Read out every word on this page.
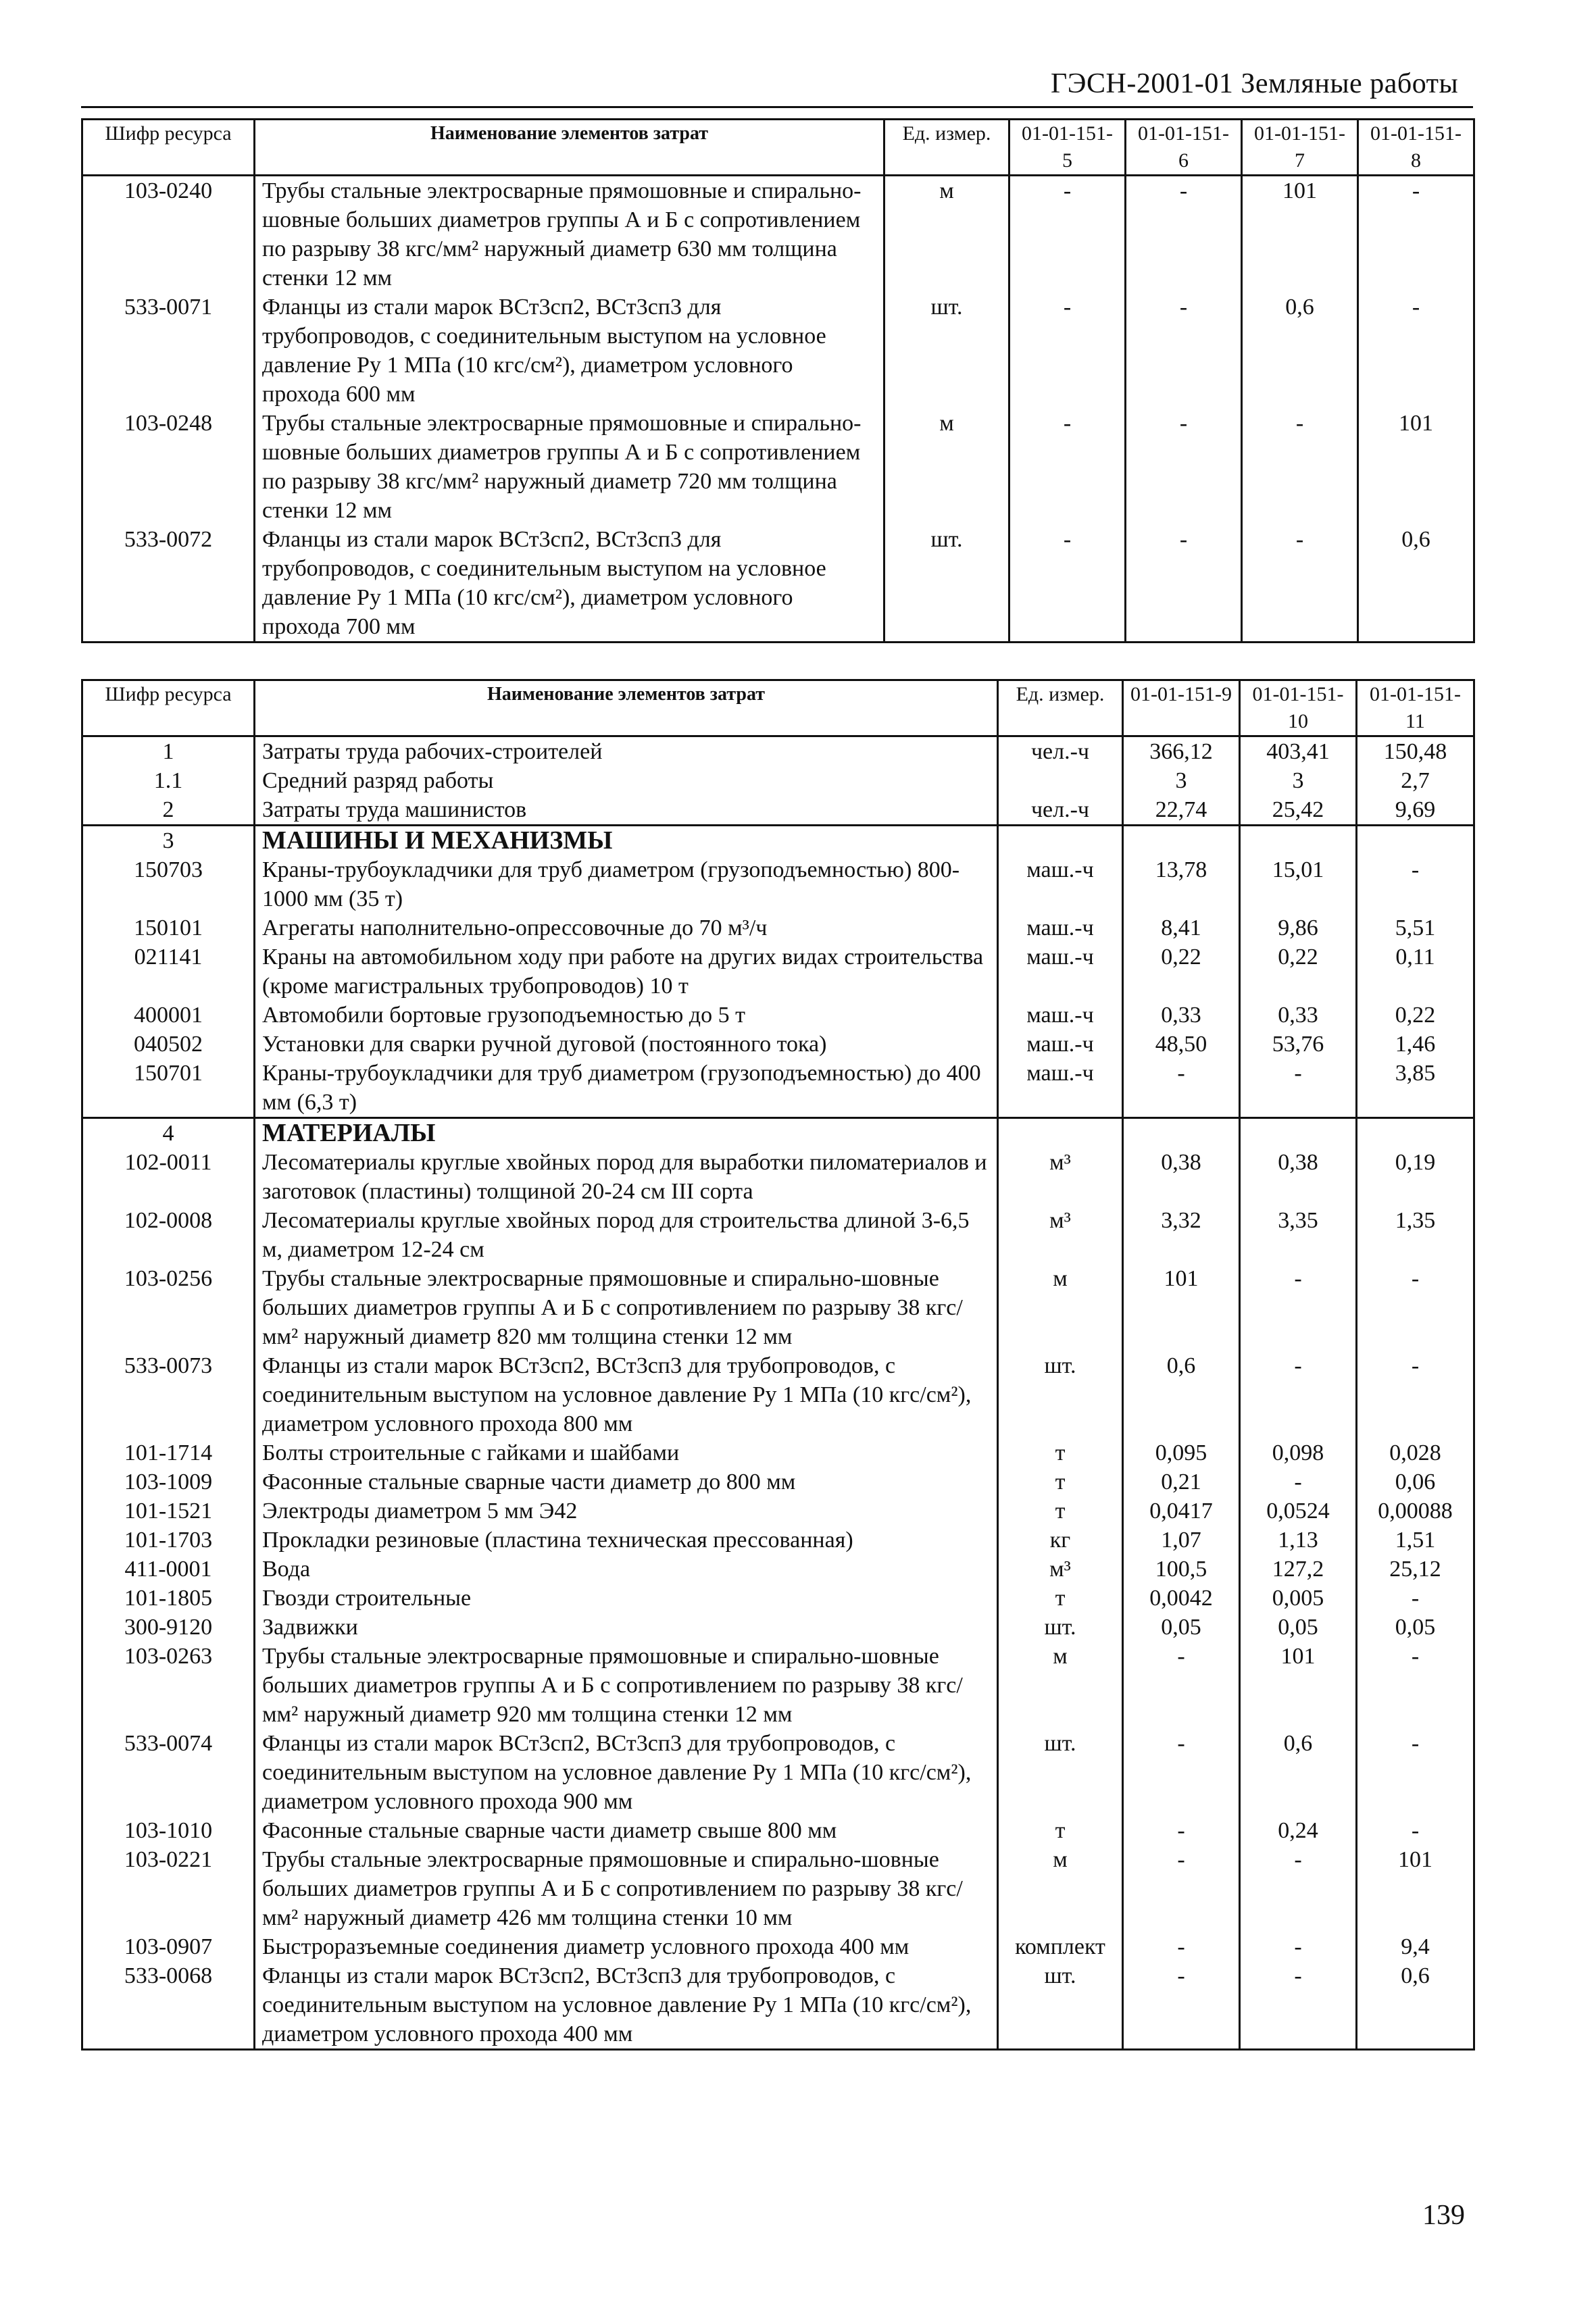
ГЭСН-2001-01 Земляные работы
Шифр ресурса	Наименование элементов затрат	Ед. измер.	01-01-151-5	01-01-151-6	01-01-151-7	01-01-151-8
103-0240	Трубы стальные электросварные прямошовные и спирально-шовные больших диаметров группы А и Б с сопротивлением по разрыву 38 кгс/мм² наружный диаметр 630 мм толщина стенки 12 мм	м	-	-	101	-
533-0071	Фланцы из стали марок ВСт3сп2, ВСт3сп3 для трубопроводов, с соединительным выступом на условное давление Ру 1 МПа (10 кгс/см²), диаметром условного прохода 600 мм	шт.	-	-	0,6	-
103-0248	Трубы стальные электросварные прямошовные и спирально-шовные больших диаметров группы А и Б с сопротивлением по разрыву 38 кгс/мм² наружный диаметр 720 мм толщина стенки 12 мм	м	-	-	-	101
533-0072	Фланцы из стали марок ВСт3сп2, ВСт3сп3 для трубопроводов, с соединительным выступом на условное давление Ру 1 МПа (10 кгс/см²), диаметром условного прохода 700 мм	шт.	-	-	-	0,6
Шифр ресурса	Наименование элементов затрат	Ед. измер.	01-01-151-9	01-01-151-10	01-01-151-11
1	Затраты труда рабочих-строителей	чел.-ч	366,12	403,41	150,48
1.1	Средний разряд работы		3	3	2,7
2	Затраты труда машинистов	чел.-ч	22,74	25,42	9,69
3	МАШИНЫ И МЕХАНИЗМЫ				
150703	Краны-трубоукладчики для труб диаметром (грузоподъемностью) 800-1000 мм (35 т)	маш.-ч	13,78	15,01	-
150101	Агрегаты наполнительно-опрессовочные до 70 м³/ч	маш.-ч	8,41	9,86	5,51
021141	Краны на автомобильном ходу при работе на других видах строительства (кроме магистральных трубопроводов) 10 т	маш.-ч	0,22	0,22	0,11
400001	Автомобили бортовые грузоподъемностью до 5 т	маш.-ч	0,33	0,33	0,22
040502	Установки для сварки ручной дуговой (постоянного тока)	маш.-ч	48,50	53,76	1,46
150701	Краны-трубоукладчики для труб диаметром (грузоподъемностью) до 400 мм (6,3 т)	маш.-ч	-	-	3,85
4	МАТЕРИАЛЫ				
102-0011	Лесоматериалы круглые хвойных пород для выработки пиломатериалов и заготовок (пластины) толщиной 20-24 см III сорта	м³	0,38	0,38	0,19
102-0008	Лесоматериалы круглые хвойных пород для строительства длиной 3-6,5 м, диаметром 12-24 см	м³	3,32	3,35	1,35
103-0256	Трубы стальные электросварные прямошовные и спирально-шовные больших диаметров группы А и Б с сопротивлением по разрыву 38 кгс/мм² наружный диаметр 820 мм толщина стенки 12 мм	м	101	-	-
533-0073	Фланцы из стали марок ВСт3сп2, ВСт3сп3 для трубопроводов, с соединительным выступом на условное давление Ру 1 МПа (10 кгс/см²), диаметром условного прохода 800 мм	шт.	0,6	-	-
101-1714	Болты строительные с гайками и шайбами	т	0,095	0,098	0,028
103-1009	Фасонные стальные сварные части диаметр до 800 мм	т	0,21	-	0,06
101-1521	Электроды диаметром 5 мм Э42	т	0,0417	0,0524	0,00088
101-1703	Прокладки резиновые (пластина техническая прессованная)	кг	1,07	1,13	1,51
411-0001	Вода	м³	100,5	127,2	25,12
101-1805	Гвозди строительные	т	0,0042	0,005	-
300-9120	Задвижки	шт.	0,05	0,05	0,05
103-0263	Трубы стальные электросварные прямошовные и спирально-шовные больших диаметров группы А и Б с сопротивлением по разрыву 38 кгс/мм² наружный диаметр 920 мм толщина стенки 12 мм	м	-	101	-
533-0074	Фланцы из стали марок ВСт3сп2, ВСт3сп3 для трубопроводов, с соединительным выступом на условное давление Ру 1 МПа (10 кгс/см²), диаметром условного прохода 900 мм	шт.	-	0,6	-
103-1010	Фасонные стальные сварные части диаметр свыше 800 мм	т	-	0,24	-
103-0221	Трубы стальные электросварные прямошовные и спирально-шовные больших диаметров группы А и Б с сопротивлением по разрыву 38 кгс/мм² наружный диаметр 426 мм толщина стенки 10 мм	м	-	-	101
103-0907	Быстроразъемные соединения диаметр условного прохода 400 мм	комплект	-	-	9,4
533-0068	Фланцы из стали марок ВСт3сп2, ВСт3сп3 для трубопроводов, с соединительным выступом на условное давление Ру 1 МПа (10 кгс/см²), диаметром условного прохода 400 мм	шт.	-	-	0,6
139
